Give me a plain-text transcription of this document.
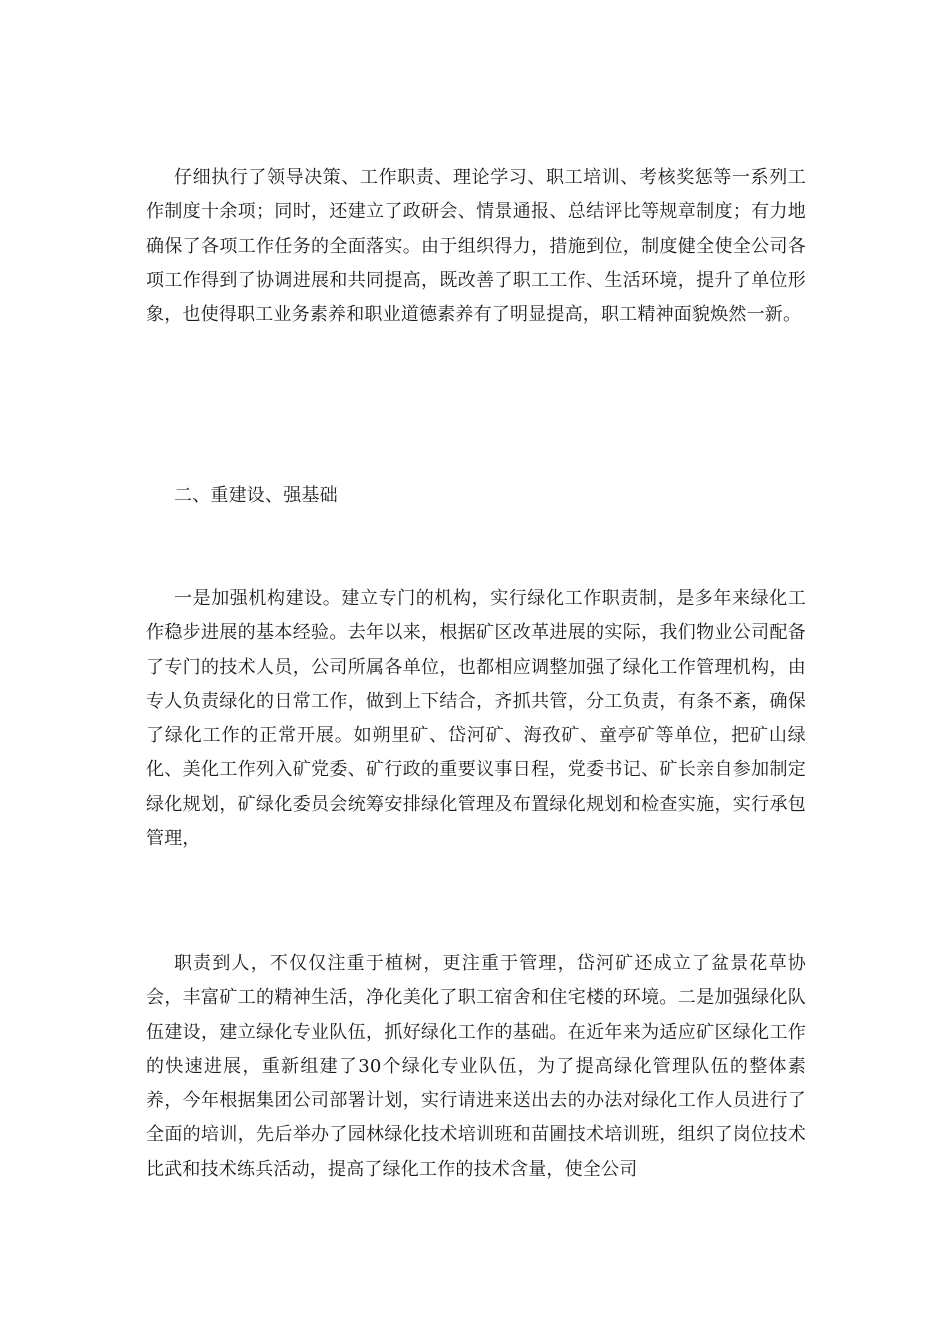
仔细执行了领导决策、工作职责、理论学习、职工培训、考核奖惩等一系列工作制度十余项；同时，还建立了政研会、情景通报、总结评比等规章制度；有力地确保了各项工作任务的全面落实。由于组织得力，措施到位，制度健全使全公司各项工作得到了协调进展和共同提高，既改善了职工工作、生活环境，提升了单位形象，也使得职工业务素养和职业道德素养有了明显提高，职工精神面貌焕然一新。

二、重建设、强基础

一是加强机构建设。建立专门的机构，实行绿化工作职责制，是多年来绿化工作稳步进展的基本经验。去年以来，根据矿区改革进展的实际，我们物业公司配备了专门的技术人员，公司所属各单位，也都相应调整加强了绿化工作管理机构，由专人负责绿化的日常工作，做到上下结合，齐抓共管，分工负责，有条不紊，确保了绿化工作的正常开展。如朔里矿、岱河矿、海孜矿、童亭矿等单位，把矿山绿化、美化工作列入矿党委、矿行政的重要议事日程，党委书记、矿长亲自参加制定绿化规划，矿绿化委员会统筹安排绿化管理及布置绿化规划和检查实施，实行承包管理，

职责到人，不仅仅注重于植树，更注重于管理，岱河矿还成立了盆景花草协会，丰富矿工的精神生活，净化美化了职工宿舍和住宅楼的环境。二是加强绿化队伍建设，建立绿化专业队伍，抓好绿化工作的基础。在近年来为适应矿区绿化工作的快速进展，重新组建了30个绿化专业队伍，为了提高绿化管理队伍的整体素养，今年根据集团公司部署计划，实行请进来送出去的办法对绿化工作人员进行了全面的培训，先后举办了园林绿化技术培训班和苗圃技术培训班，组织了岗位技术比武和技术练兵活动，提高了绿化工作的技术含量，使全公司
